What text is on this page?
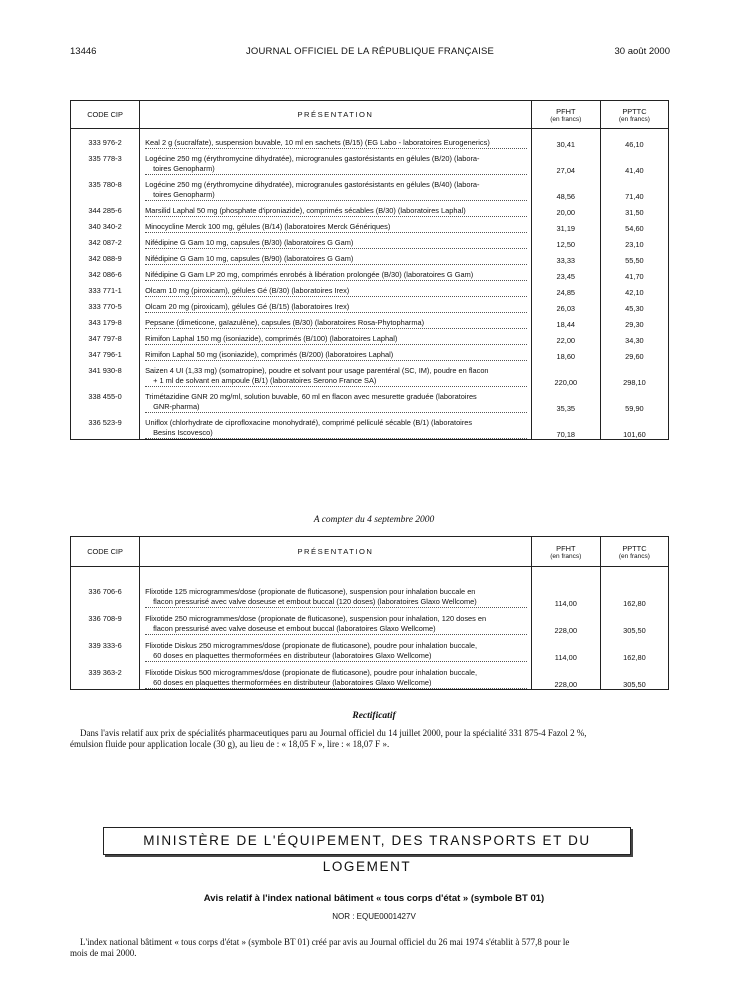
13446	JOURNAL OFFICIEL DE LA RÉPUBLIQUE FRANÇAISE	30 août 2000
CODE CIP	PRÉSENTATION	PFHT
(en francs)	PPTTC
(en francs)

333 976-2	Keal 2 g (sucralfate), suspension buvable, 10 ml en sachets (B/15) (EG Labo - laboratoires Eurogenerics)	30,41	46,10
335 778-3	Logécine 250 mg (érythromycine dihydratée), microgranules gastorésistants en gélules (B/20) (labora-
toires Genopharm)	27,04	41,40
335 780-8	Logécine 250 mg (érythromycine dihydratée), microgranules gastorésistants en gélules (B/40) (labora-
toires Genopharm)	48,56	71,40
344 285-6	Marsilid Laphal 50 mg (phosphate d'iproniazide), comprimés sécables (B/30) (laboratoires Laphal)	20,00	31,50
340 340-2	Minocycline Merck 100 mg, gélules (B/14) (laboratoires Merck Génériques)	31,19	54,60
342 087-2	Nifédipine G Gam 10 mg, capsules (B/30) (laboratoires G Gam)	12,50	23,10
342 088-9	Nifédipine G Gam 10 mg, capsules (B/90) (laboratoires G Gam)	33,33	55,50
342 086-6	Nifédipine G Gam LP 20 mg, comprimés enrobés à libération prolongée (B/30) (laboratoires G Gam)	23,45	41,70
333 771-1	Olcam 10 mg (piroxicam), gélules Gé (B/30) (laboratoires Irex)	24,85	42,10
333 770-5	Olcam 20 mg (piroxicam), gélules Gé (B/15) (laboratoires Irex)	26,03	45,30
343 179-8	Pepsane (dimeticone, gaïazulène), capsules (B/30) (laboratoires Rosa-Phytopharma)	18,44	29,30
347 797-8	Rimifon Laphal 150 mg (isoniazide), comprimés (B/100) (laboratoires Laphal)	22,00	34,30
347 796-1	Rimifon Laphal 50 mg (isoniazide), comprimés (B/200) (laboratoires Laphal)	18,60	29,60
341 930-8	Saizen 4 UI (1,33 mg) (somatropine), poudre et solvant pour usage parentéral (SC, IM), poudre en flacon
+ 1 ml de solvant en ampoule (B/1) (laboratoires Serono France SA)	220,00	298,10
338 455-0	Trimétazidine GNR 20 mg/ml, solution buvable, 60 ml en flacon avec mesurette graduée (laboratoires
GNR-pharma)	35,35	59,90
336 523-9	Uniflox (chlorhydrate de ciprofloxacine monohydraté), comprimé pelliculé sécable (B/1) (laboratoires
Besins Iscovesco)	70,18	101,60
A compter du 4 septembre 2000
CODE CIP	PRÉSENTATION	PFHT
(en francs)	PPTTC
(en francs)

336 706-6	Flixotide 125 microgrammes/dose (propionate de fluticasone), suspension pour inhalation buccale en
flacon pressurisé avec valve doseuse et embout buccal (120 doses) (laboratoires Glaxo Wellcome)	114,00	162,80
336 708-9	Flixotide 250 microgrammes/dose (propionate de fluticasone), suspension pour inhalation, 120 doses en
flacon pressurisé avec valve doseuse et embout buccal (laboratoires Glaxo Wellcome)	228,00	305,50
339 333-6	Flixotide Diskus 250 microgrammes/dose (propionate de fluticasone), poudre pour inhalation buccale,
60 doses en plaquettes thermoformées en distributeur (laboratoires Glaxo Wellcome)	114,00	162,80
339 363-2	Flixotide Diskus 500 microgrammes/dose (propionate de fluticasone), poudre pour inhalation buccale,
60 doses en plaquettes thermoformées en distributeur (laboratoires Glaxo Wellcome)	228,00	305,50
Rectificatif
Dans l'avis relatif aux prix de spécialités pharmaceutiques paru au Journal officiel du 14 juillet 2000, pour la spécialité 331 875-4 Fazol 2 %,
émulsion fluide pour application locale (30 g), au lieu de : « 18,05 F », lire : « 18,07 F ».
MINISTÈRE DE L'ÉQUIPEMENT, DES TRANSPORTS ET DU LOGEMENT
Avis relatif à l'index national bâtiment « tous corps d'état » (symbole BT 01)
NOR : EQUE0001427V
L'index national bâtiment « tous corps d'état » (symbole BT 01) créé par avis au Journal officiel du 26 mai 1974 s'établit à 577,8 pour le
mois de mai 2000.
